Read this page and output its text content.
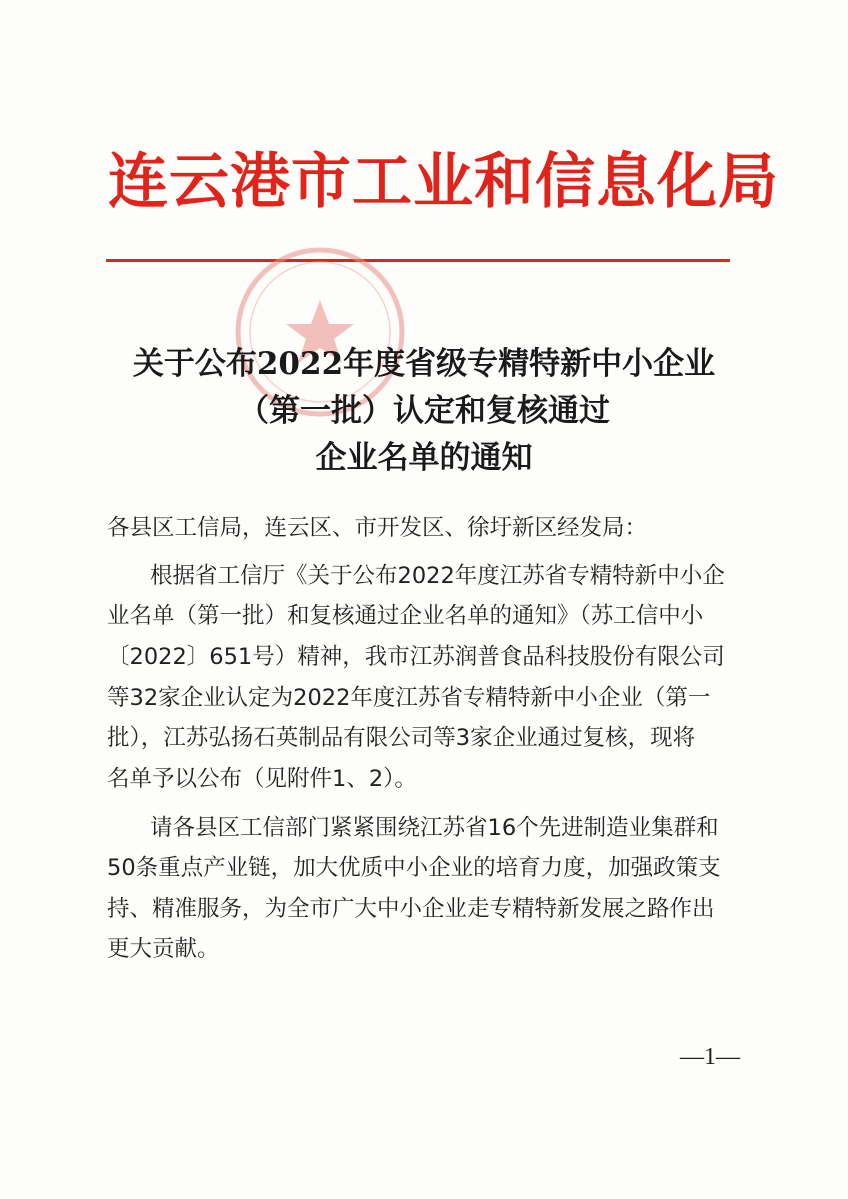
连云港市工业和信息化局
关于公布2022年度省级专精特新中小企业
（第一批）认定和复核通过
企业名单的通知
各县区工信局，连云区、市开发区、徐圩新区经发局：
根据省工信厅《关于公布2022年度江苏省专精特新中小企
业名单（第一批）和复核通过企业名单的通知》（苏工信中小
〔2022〕651号）精神，我市江苏润普食品科技股份有限公司
等32家企业认定为2022年度江苏省专精特新中小企业（第一
批），江苏弘扬石英制品有限公司等3家企业通过复核，现将
名单予以公布（见附件1、2）。
请各县区工信部门紧紧围绕江苏省16个先进制造业集群和
50条重点产业链，加大优质中小企业的培育力度，加强政策支
持、精准服务，为全市广大中小企业走专精特新发展之路作出
更大贡献。
—1—
